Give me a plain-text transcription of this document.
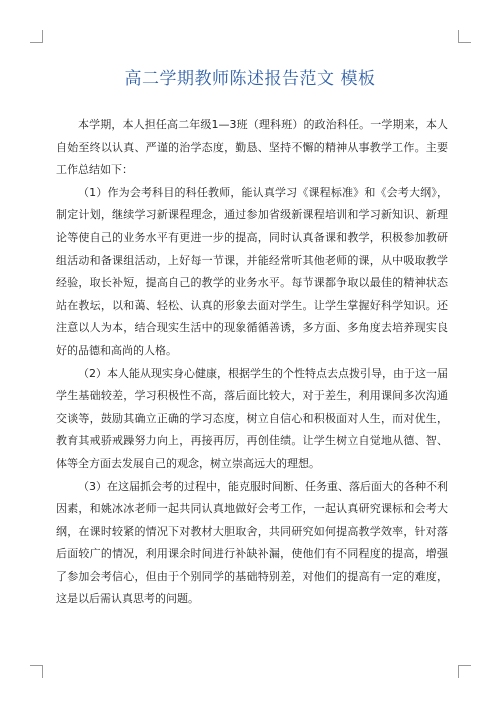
高二学期教师陈述报告范文 模板

本学期，本人担任高二年级1—3班（理科班）的政治科任。一学期来，本人自始至终以认真、严谨的治学态度，勤恳、坚持不懈的精神从事教学工作。主要工作总结如下：

（1）作为会考科目的科任教师，能认真学习《课程标准》和《会考大纲》，制定计划，继续学习新课程理念，通过参加省级新课程培训和学习新知识、新理论等使自己的业务水平有更进一步的提高，同时认真备课和教学，积极参加教研组活动和备课组活动，上好每一节课，并能经常听其他老师的课，从中吸取教学经验，取长补短，提高自己的教学的业务水平。每节课都争取以最佳的精神状态站在教坛，以和蔼、轻松、认真的形象去面对学生。让学生掌握好科学知识。还注意以人为本，结合现实生活中的现象循循善诱，多方面、多角度去培养现实良好的品德和高尚的人格。

（2）本人能从现实身心健康，根据学生的个性特点去点拨引导，由于这一届学生基础较差，学习积极性不高，落后面比较大，对于差生，利用课间多次沟通交谈等，鼓励其确立正确的学习态度，树立自信心和积极面对人生，而对优生，教育其戒骄戒躁努力向上，再接再厉，再创佳绩。让学生树立自觉地从德、智、体等全方面去发展自己的观念，树立崇高远大的理想。

（3）在这届抓会考的过程中，能克服时间断、任务重、落后面大的各种不利因素，和姚冰冰老师一起共同认真地做好会考工作，一起认真研究课标和会考大纲，在课时较紧的情况下对教材大胆取舍，共同研究如何提高教学效率，针对落后面较广的情况，利用课余时间进行补缺补漏，使他们有不同程度的提高，增强了参加会考信心，但由于个别同学的基础特别差，对他们的提高有一定的难度，这是以后需认真思考的问题。
